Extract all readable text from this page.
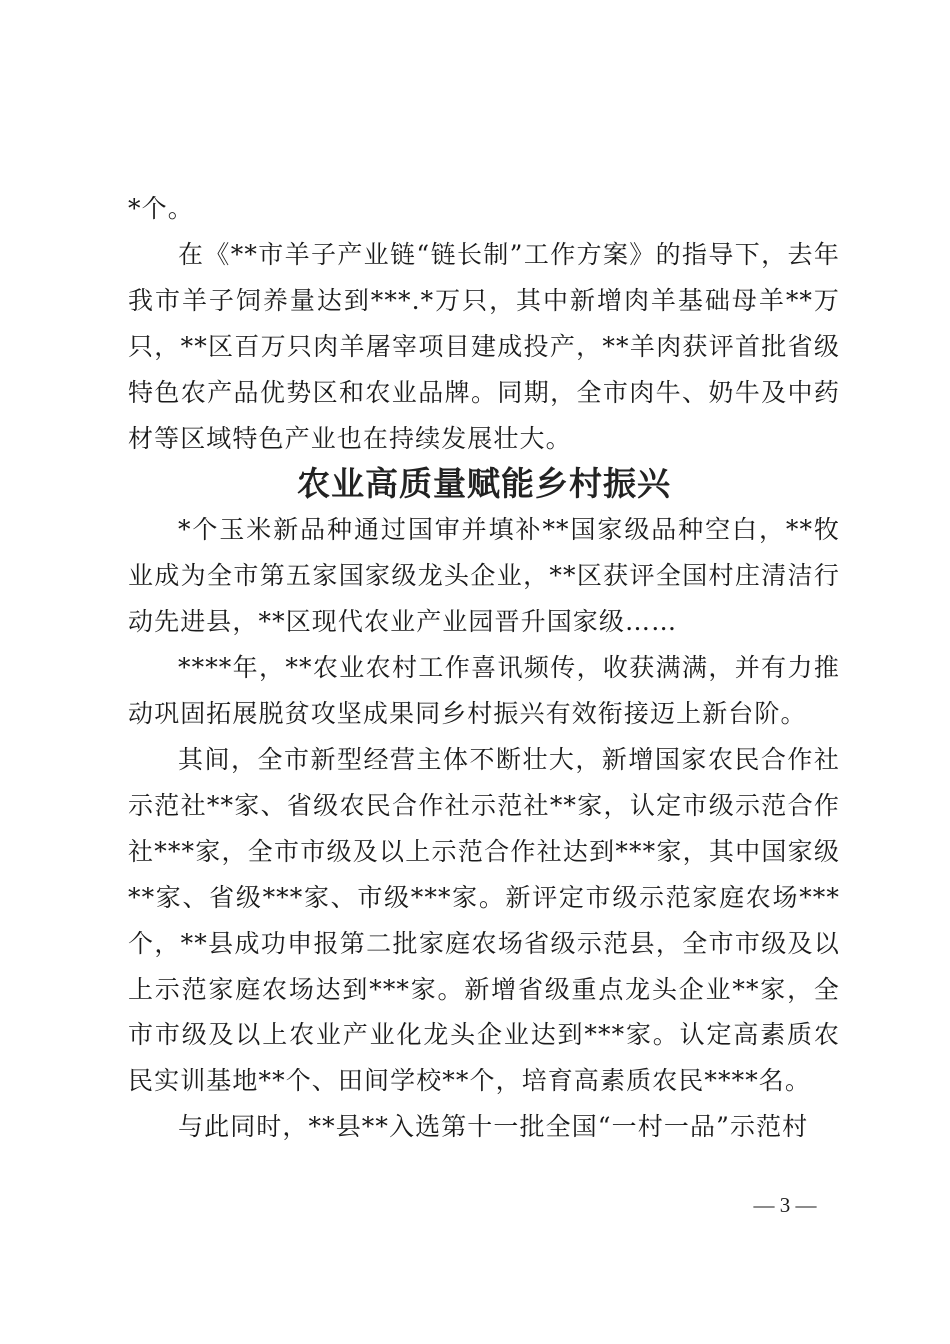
*个。

在《**市羊子产业链“链长制”工作方案》的指导下，去年我市羊子饲养量达到***.*万只，其中新增肉羊基础母羊**万只，**区百万只肉羊屠宰项目建成投产，**羊肉获评首批省级特色农产品优势区和农业品牌。同期，全市肉牛、奶牛及中药材等区域特色产业也在持续发展壮大。

农业高质量赋能乡村振兴

*个玉米新品种通过国审并填补**国家级品种空白，**牧业成为全市第五家国家级龙头企业，**区获评全国村庄清洁行动先进县，**区现代农业产业园晋升国家级……

****年，**农业农村工作喜讯频传，收获满满，并有力推动巩固拓展脱贫攻坚成果同乡村振兴有效衔接迈上新台阶。

其间，全市新型经营主体不断壮大，新增国家农民合作社示范社**家、省级农民合作社示范社**家，认定市级示范合作社***家，全市市级及以上示范合作社达到***家，其中国家级**家、省级***家、市级***家。新评定市级示范家庭农场***个，**县成功申报第二批家庭农场省级示范县，全市市级及以上示范家庭农场达到***家。新增省级重点龙头企业**家，全市市级及以上农业产业化龙头企业达到***家。认定高素质农民实训基地**个、田间学校**个，培育高素质农民****名。

与此同时，**县**入选第十一批全国“一村一品”示范村

— 3 —
